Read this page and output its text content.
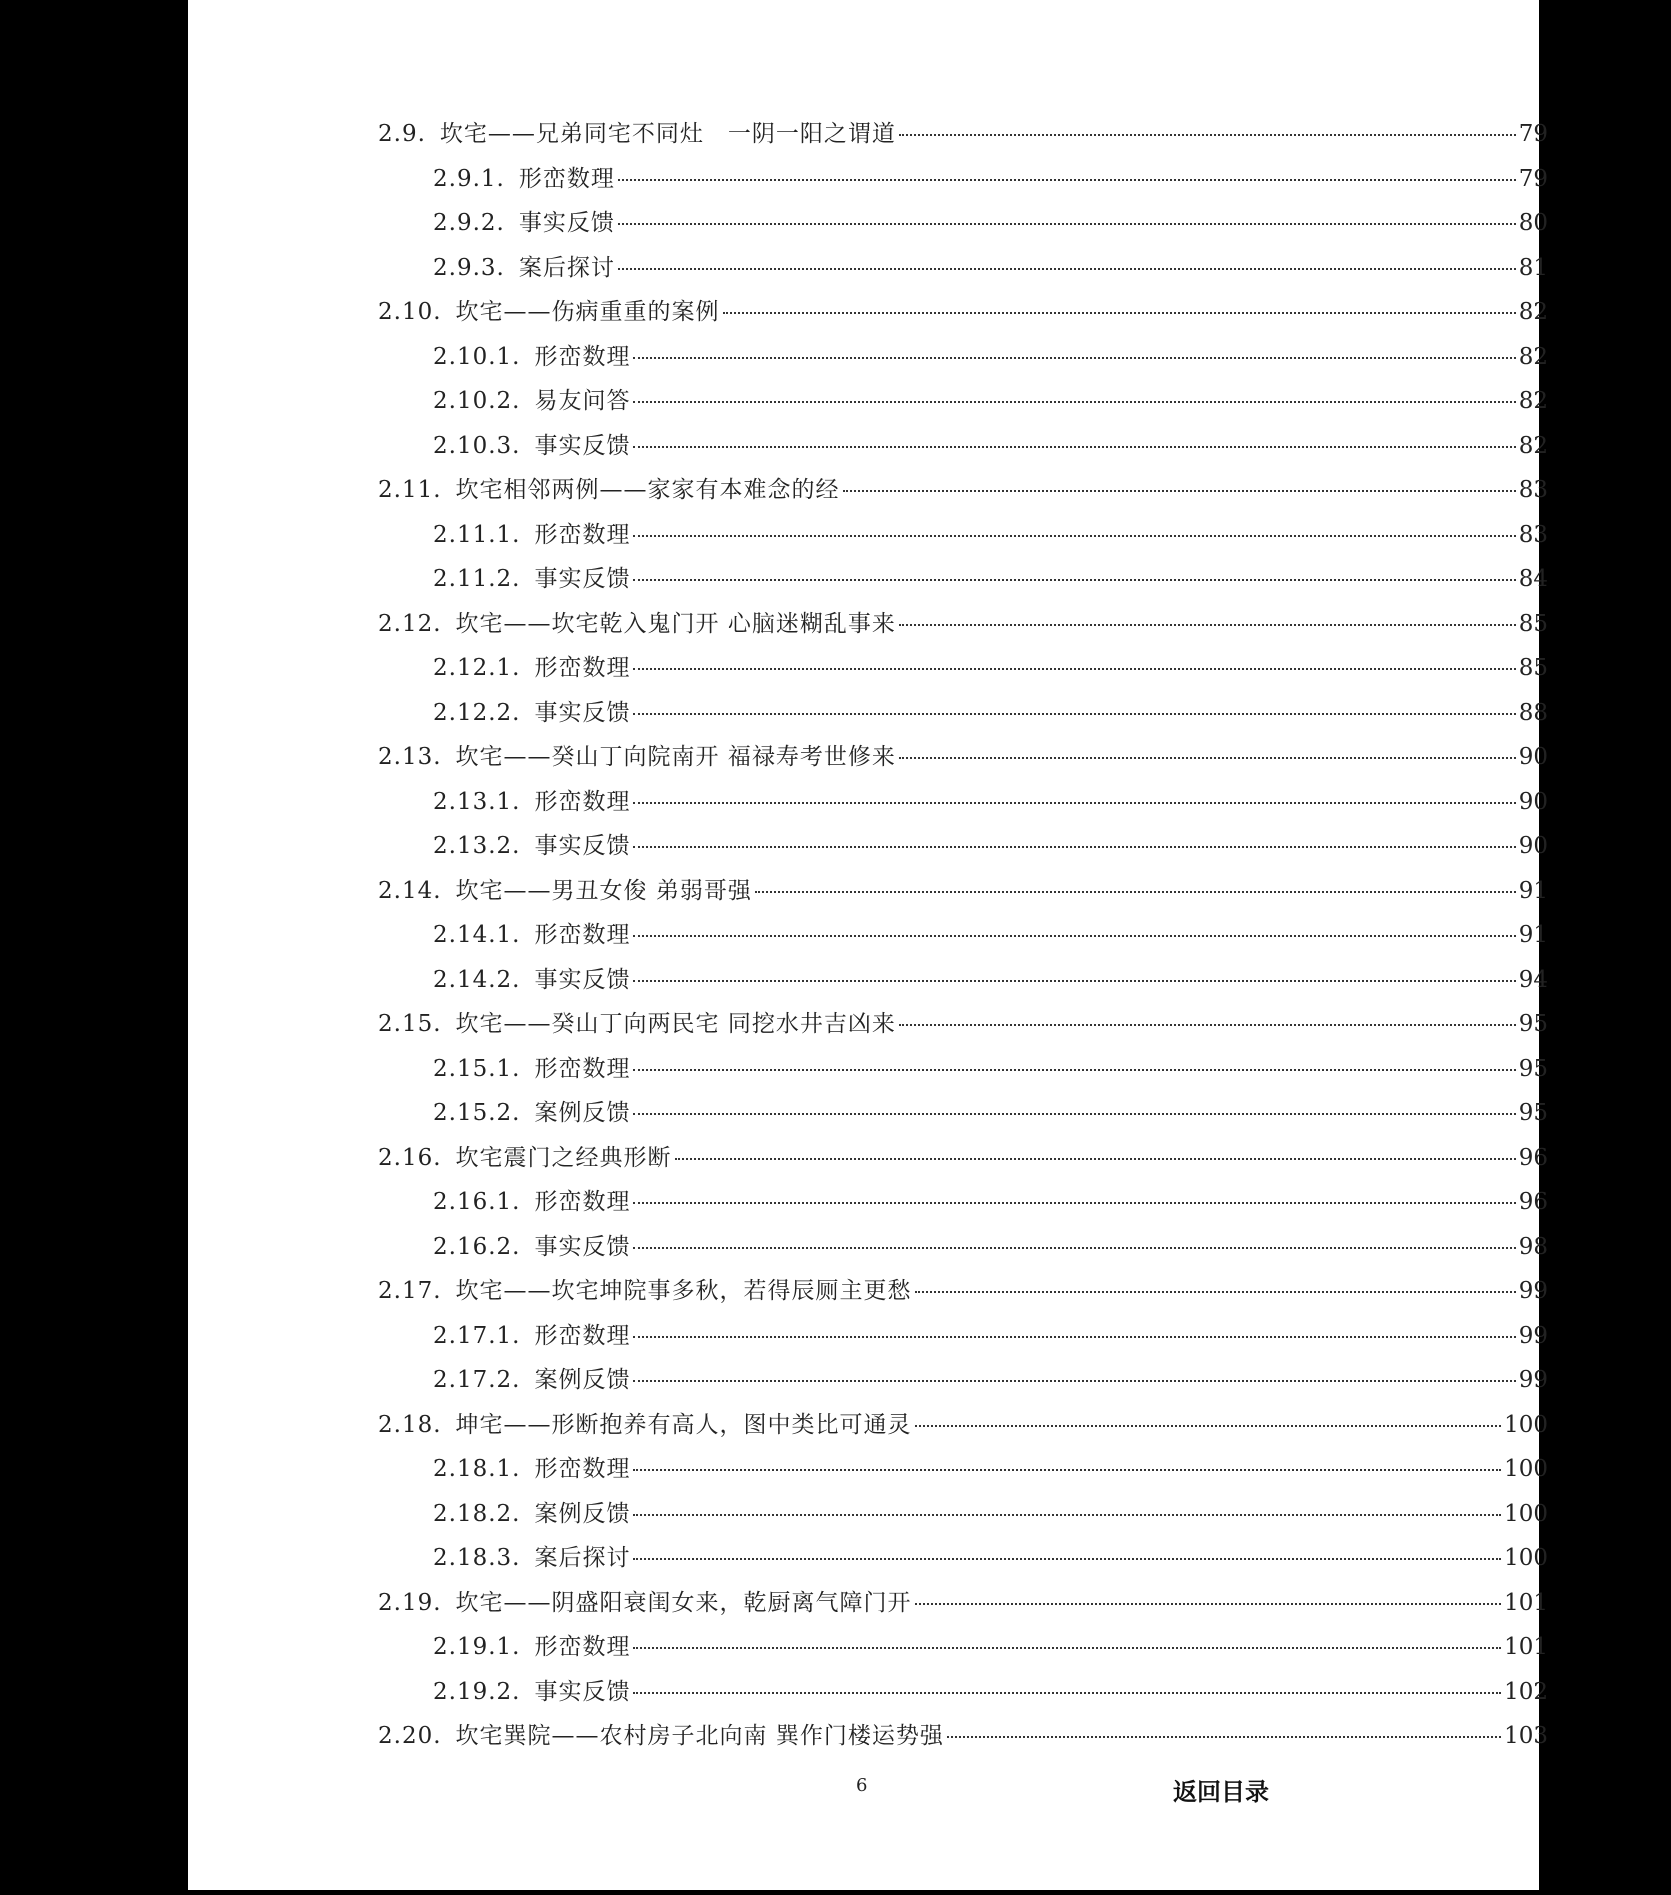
2.9. 坎宅——兄弟同宅不同灶　一阴一阳之谓道	79
2.9.1. 形峦数理	79
2.9.2. 事实反馈	80
2.9.3. 案后探讨	81
2.10. 坎宅——伤病重重的案例	82
2.10.1. 形峦数理	82
2.10.2. 易友问答	82
2.10.3. 事实反馈	82
2.11. 坎宅相邻两例——家家有本难念的经	83
2.11.1. 形峦数理	83
2.11.2. 事实反馈	84
2.12. 坎宅——坎宅乾入鬼门开 心脑迷糊乱事来	85
2.12.1. 形峦数理	85
2.12.2. 事实反馈	88
2.13. 坎宅——癸山丁向院南开 福禄寿考世修来	90
2.13.1. 形峦数理	90
2.13.2. 事实反馈	90
2.14. 坎宅——男丑女俊 弟弱哥强	91
2.14.1. 形峦数理	91
2.14.2. 事实反馈	94
2.15. 坎宅——癸山丁向两民宅 同挖水井吉凶来	95
2.15.1. 形峦数理	95
2.15.2. 案例反馈	95
2.16. 坎宅震门之经典形断	96
2.16.1. 形峦数理	96
2.16.2. 事实反馈	98
2.17. 坎宅——坎宅坤院事多秋，若得辰厕主更愁	99
2.17.1. 形峦数理	99
2.17.2. 案例反馈	99
2.18. 坤宅——形断抱养有高人，图中类比可通灵	100
2.18.1. 形峦数理	100
2.18.2. 案例反馈	100
2.18.3. 案后探讨	100
2.19. 坎宅——阴盛阳衰闺女来，乾厨离气障门开	101
2.19.1. 形峦数理	101
2.19.2. 事实反馈	102
2.20. 坎宅巽院——农村房子北向南 巽作门楼运势强	103
6	返回目录
